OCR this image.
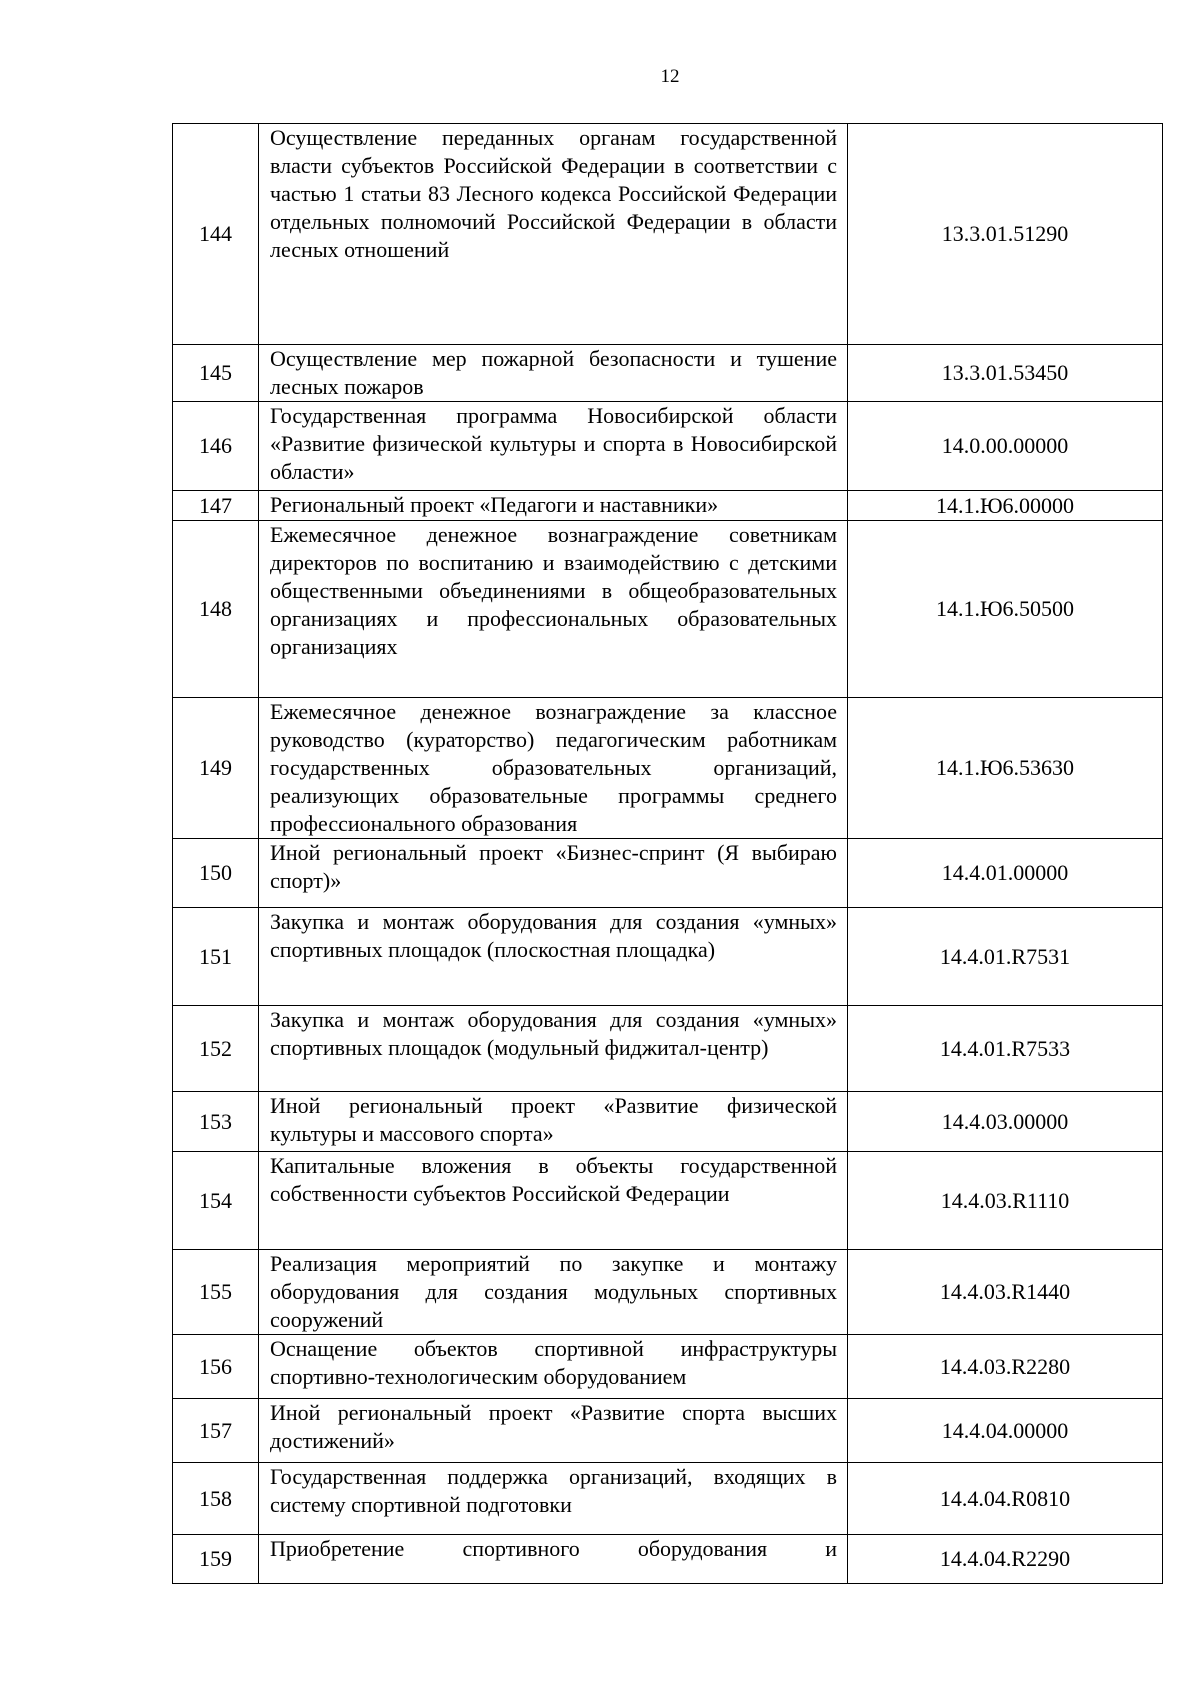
12
144	Осуществление переданных органам государственной власти субъектов Российской Федерации в соответствии с частью 1 статьи 83 Лесного кодекса Российской Федерации отдельных полномочий Российской Федерации в области лесных отношений	13.3.01.51290
145	Осуществление мер пожарной безопасности и тушение лесных пожаров	13.3.01.53450
146	Государственная программа Новосибирской области «Развитие физической культуры и спорта в Новосибирской области»	14.0.00.00000
147	Региональный проект «Педагоги и наставники»	14.1.Ю6.00000
148	Ежемесячное денежное вознаграждение советникам директоров по воспитанию и взаимодействию с детскими общественными объединениями в общеобразовательных организациях и профессиональных образовательных организациях	14.1.Ю6.50500
149	Ежемесячное денежное вознаграждение за классное руководство (кураторство) педагогическим работникам государственных образовательных организаций, реализующих образовательные программы среднего профессионального образования	14.1.Ю6.53630
150	Иной региональный проект «Бизнес-спринт (Я выбираю спорт)»	14.4.01.00000
151	Закупка и монтаж оборудования для создания «умных» спортивных площадок (плоскостная площадка)	14.4.01.R7531
152	Закупка и монтаж оборудования для создания «умных» спортивных площадок (модульный фиджитал-центр)	14.4.01.R7533
153	Иной региональный проект «Развитие физической культуры и массового спорта»	14.4.03.00000
154	Капитальные вложения в объекты государственной собственности субъектов Российской Федерации	14.4.03.R1110
155	Реализация мероприятий по закупке и монтажу оборудования для создания модульных спортивных сооружений	14.4.03.R1440
156	Оснащение объектов спортивной инфраструктуры спортивно-технологическим оборудованием	14.4.03.R2280
157	Иной региональный проект «Развитие спорта высших достижений»	14.4.04.00000
158	Государственная поддержка организаций, входящих в систему спортивной подготовки	14.4.04.R0810
159	Приобретение спортивного оборудования и	14.4.04.R2290
